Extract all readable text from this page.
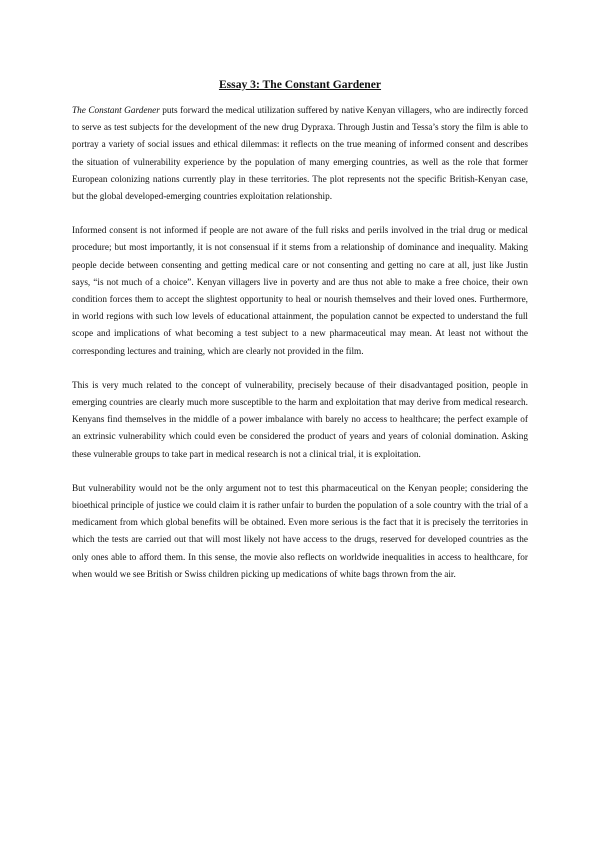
Essay 3: The Constant Gardener

The Constant Gardener puts forward the medical utilization suffered by native Kenyan villagers, who are indirectly forced to serve as test subjects for the development of the new drug Dypraxa. Through Justin and Tessa’s story the film is able to portray a variety of social issues and ethical dilemmas: it reflects on the true meaning of informed consent and describes the situation of vulnerability experience by the population of many emerging countries, as well as the role that former European colonizing nations currently play in these territories. The plot represents not the specific British-Kenyan case, but the global developed-emerging countries exploitation relationship.

Informed consent is not informed if people are not aware of the full risks and perils involved in the trial drug or medical procedure; but most importantly, it is not consensual if it stems from a relationship of dominance and inequality. Making people decide between consenting and getting medical care or not consenting and getting no care at all, just like Justin says, “is not much of a choice”. Kenyan villagers live in poverty and are thus not able to make a free choice, their own condition forces them to accept the slightest opportunity to heal or nourish themselves and their loved ones. Furthermore, in world regions with such low levels of educational attainment, the population cannot be expected to understand the full scope and implications of what becoming a test subject to a new pharmaceutical may mean. At least not without the corresponding lectures and training, which are clearly not provided in the film.

This is very much related to the concept of vulnerability, precisely because of their disadvantaged position, people in emerging countries are clearly much more susceptible to the harm and exploitation that may derive from medical research. Kenyans find themselves in the middle of a power imbalance with barely no access to healthcare; the perfect example of an extrinsic vulnerability which could even be considered the product of years and years of colonial domination. Asking these vulnerable groups to take part in medical research is not a clinical trial, it is exploitation.

But vulnerability would not be the only argument not to test this pharmaceutical on the Kenyan people; considering the bioethical principle of justice we could claim it is rather unfair to burden the population of a sole country with the trial of a medicament from which global benefits will be obtained. Even more serious is the fact that it is precisely the territories in which the tests are carried out that will most likely not have access to the drugs, reserved for developed countries as the only ones able to afford them. In this sense, the movie also reflects on worldwide inequalities in access to healthcare, for when would we see British or Swiss children picking up medications of white bags thrown from the air.
